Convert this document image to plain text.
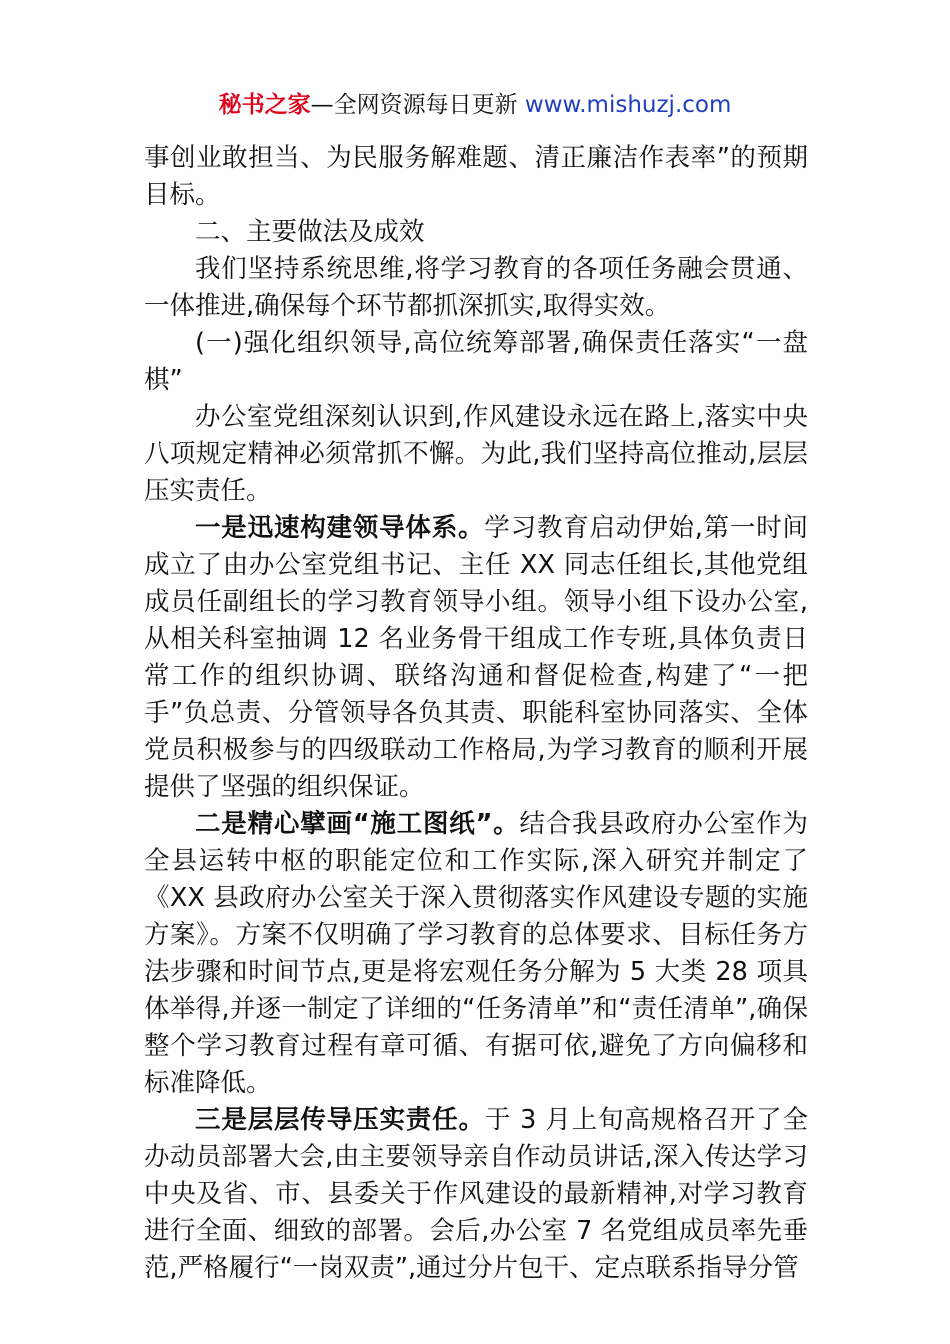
秘书之家—全网资源每日更新 www.mishuzj.com

事创业敢担当、为民服务解难题、清正廉洁作表率”的预期目标。

二、主要做法及成效

我们坚持系统思维,将学习教育的各项任务融会贯通、一体推进,确保每个环节都抓深抓实,取得实效。

(一)强化组织领导,高位统筹部署,确保责任落实“一盘棋”

办公室党组深刻认识到,作风建设永远在路上,落实中央八项规定精神必须常抓不懈。为此,我们坚持高位推动,层层压实责任。

一是迅速构建领导体系。学习教育启动伊始,第一时间成立了由办公室党组书记、主任 XX 同志任组长,其他党组成员任副组长的学习教育领导小组。领导小组下设办公室,从相关科室抽调 12 名业务骨干组成工作专班,具体负责日常工作的组织协调、联络沟通和督促检查,构建了“一把手”负总责、分管领导各负其责、职能科室协同落实、全体党员积极参与的四级联动工作格局,为学习教育的顺利开展提供了坚强的组织保证。

二是精心擘画“施工图纸”。结合我县政府办公室作为全县运转中枢的职能定位和工作实际,深入研究并制定了《XX 县政府办公室关于深入贯彻落实作风建设专题的实施方案》。方案不仅明确了学习教育的总体要求、目标任务方法步骤和时间节点,更是将宏观任务分解为 5 大类 28 项具体举得,并逐一制定了详细的“任务清单”和“责任清单”,确保整个学习教育过程有章可循、有据可依,避免了方向偏移和标准降低。

三是层层传导压实责任。于 3 月上旬高规格召开了全办动员部署大会,由主要领导亲自作动员讲话,深入传达学习中央及省、市、县委关于作风建设的最新精神,对学习教育进行全面、细致的部署。会后,办公室 7 名党组成员率先垂范,严格履行“一岗双责”,通过分片包干、定点联系指导分管
